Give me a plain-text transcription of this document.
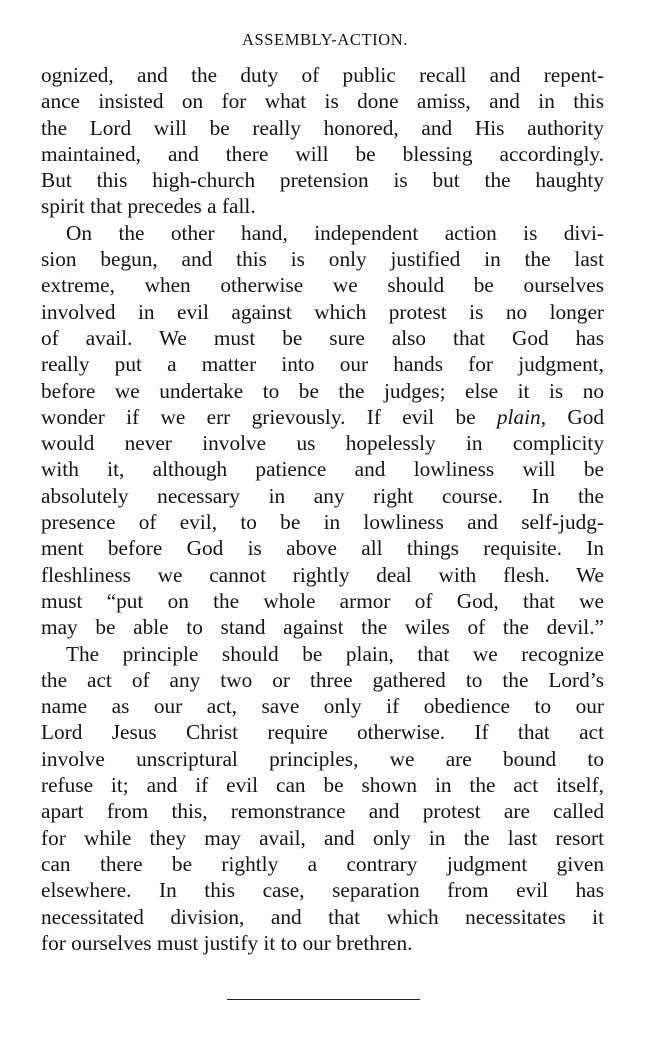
ASSEMBLY-ACTION.
ognized, and the duty of public recall and repent-
ance insisted on for what is done amiss, and in this
the Lord will be really honored, and His authority
maintained, and there will be blessing accordingly.
But this high-church pretension is but the haughty
spirit that precedes a fall.
On the other hand, independent action is divi-
sion begun, and this is only justified in the last
extreme, when otherwise we should be ourselves
involved in evil against which protest is no longer
of avail. We must be sure also that God has
really put a matter into our hands for judgment,
before we undertake to be the judges; else it is no
wonder if we err grievously. If evil be plain, God
would never involve us hopelessly in complicity
with it, although patience and lowliness will be
absolutely necessary in any right course. In the
presence of evil, to be in lowliness and self-judg-
ment before God is above all things requisite. In
fleshliness we cannot rightly deal with flesh. We
must “put on the whole armor of God, that we
may be able to stand against the wiles of the devil.”
The principle should be plain, that we recognize
the act of any two or three gathered to the Lord’s
name as our act, save only if obedience to our
Lord Jesus Christ require otherwise. If that act
involve unscriptural principles, we are bound to
refuse it; and if evil can be shown in the act itself,
apart from this, remonstrance and protest are called
for while they may avail, and only in the last resort
can there be rightly a contrary judgment given
elsewhere. In this case, separation from evil has
necessitated division, and that which necessitates it
for ourselves must justify it to our brethren.
